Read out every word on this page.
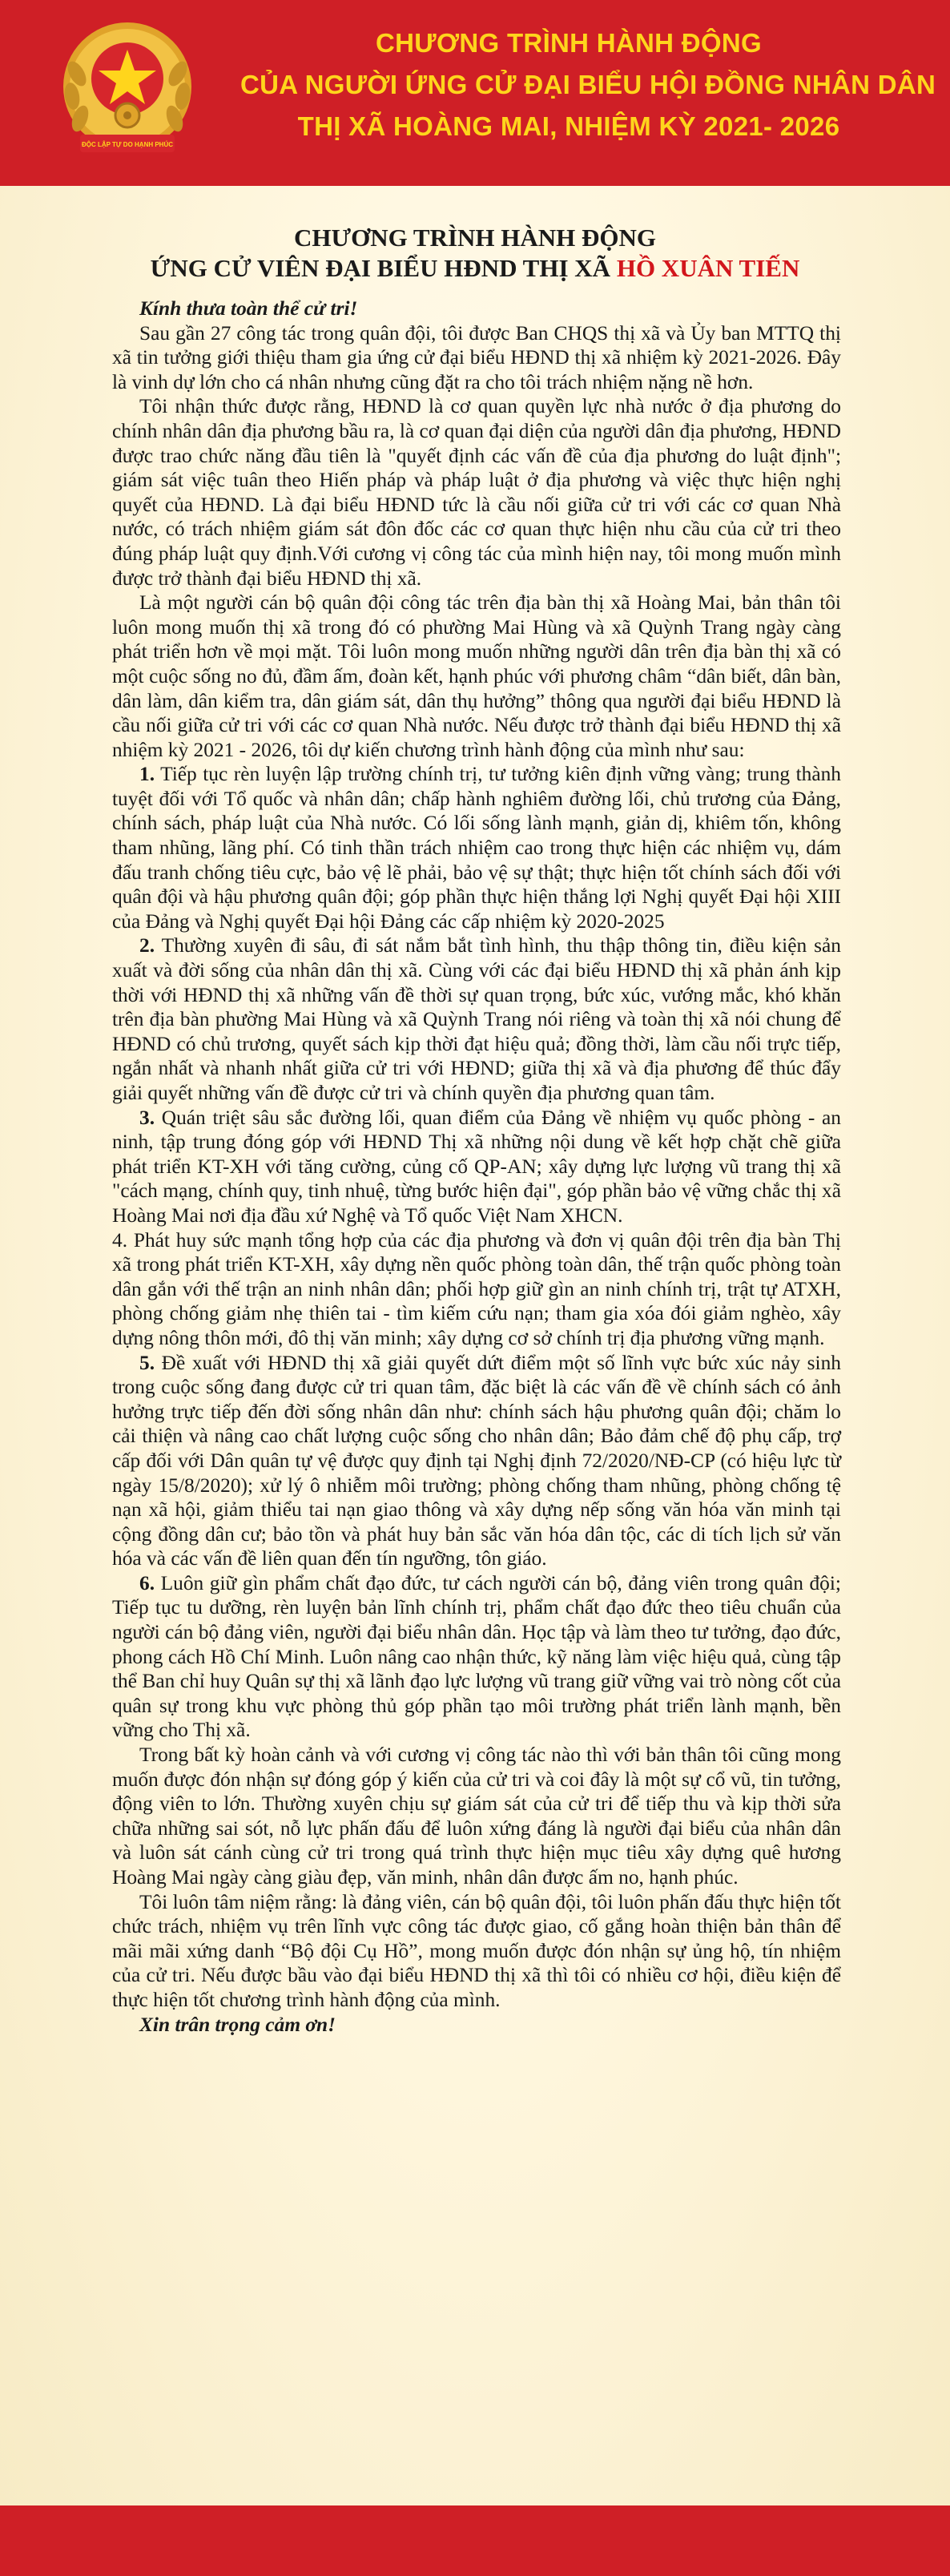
ĐỘC LẬP TỰ DO HẠNH PHÚC
CHƯƠNG TRÌNH HÀNH ĐỘNG
CỦA NGƯỜI ỨNG CỬ ĐẠI BIỂU HỘI ĐỒNG NHÂN DÂN
THỊ XÃ HOÀNG MAI, NHIỆM KỲ 2021- 2026
CHƯƠNG TRÌNH HÀNH ĐỘNG
ỨNG CỬ VIÊN ĐẠI BIỂU HĐND THỊ XÃ HỒ XUÂN TIẾN

Kính thưa toàn thể cử tri!

Sau gần 27 công tác trong quân đội, tôi được Ban CHQS thị xã và Ủy ban MTTQ thị xã tin tưởng giới thiệu tham gia ứng cử đại biểu HĐND thị xã nhiệm kỳ 2021-2026. Đây là vinh dự lớn cho cá nhân nhưng cũng đặt ra cho tôi trách nhiệm nặng nề hơn.

Tôi nhận thức được rằng, HĐND là cơ quan quyền lực nhà nước ở địa phương do chính nhân dân địa phương bầu ra, là cơ quan đại diện của người dân địa phương, HĐND được trao chức năng đầu tiên là "quyết định các vấn đề của địa phương do luật định"; giám sát việc tuân theo Hiến pháp và pháp luật ở địa phương và việc thực hiện nghị quyết của HĐND. Là đại biểu HĐND tức là cầu nối giữa cử tri với các cơ quan Nhà nước, có trách nhiệm giám sát đôn đốc các cơ quan thực hiện nhu cầu của cử tri theo đúng pháp luật quy định.Với cương vị công tác của mình hiện nay, tôi mong muốn mình được trở thành đại biểu HĐND thị xã.

Là một người cán bộ quân đội công tác trên địa bàn thị xã Hoàng Mai, bản thân tôi luôn mong muốn thị xã trong đó có phường Mai Hùng và xã Quỳnh Trang ngày càng phát triển hơn về mọi mặt. Tôi luôn mong muốn những người dân trên địa bàn thị xã có một cuộc sống no đủ, đầm ấm, đoàn kết, hạnh phúc với phương châm “dân biết, dân bàn, dân làm, dân kiểm tra, dân giám sát, dân thụ hưởng” thông qua người đại biểu HĐND là cầu nối giữa cử tri với các cơ quan Nhà nước. Nếu được trở thành đại biểu HĐND thị xã nhiệm kỳ 2021 - 2026, tôi dự kiến chương trình hành động của mình như sau:

1. Tiếp tục rèn luyện lập trường chính trị, tư tưởng kiên định vững vàng; trung thành tuyệt đối với Tổ quốc và nhân dân; chấp hành nghiêm đường lối, chủ trương của Đảng, chính sách, pháp luật của Nhà nước. Có lối sống lành mạnh, giản dị, khiêm tốn, không tham nhũng, lãng phí. Có tinh thần trách nhiệm cao trong thực hiện các nhiệm vụ, dám đấu tranh chống tiêu cực, bảo vệ lẽ phải, bảo vệ sự thật; thực hiện tốt chính sách đối với quân đội và hậu phương quân đội; góp phần thực hiện thắng lợi Nghị quyết Đại hội XIII của Đảng và Nghị quyết Đại hội Đảng các cấp nhiệm kỳ 2020-2025

2. Thường xuyên đi sâu, đi sát nắm bắt tình hình, thu thập thông tin, điều kiện sản xuất và đời sống của nhân dân thị xã. Cùng với các đại biểu HĐND thị xã phản ánh kịp thời với HĐND thị xã những vấn đề thời sự quan trọng, bức xúc, vướng mắc, khó khăn trên địa bàn phường Mai Hùng và xã Quỳnh Trang nói riêng và toàn thị xã nói chung để HĐND có chủ trương, quyết sách kịp thời đạt hiệu quả; đồng thời, làm cầu nối trực tiếp, ngắn nhất và nhanh nhất giữa cử tri với HĐND; giữa thị xã và địa phương để thúc đẩy giải quyết những vấn đề được cử tri và chính quyền địa phương quan tâm.

3. Quán triệt sâu sắc đường lối, quan điểm của Đảng về nhiệm vụ quốc phòng - an ninh, tập trung đóng góp với HĐND Thị xã những nội dung về kết hợp chặt chẽ giữa phát triển KT-XH với tăng cường, củng cố QP-AN; xây dựng lực lượng vũ trang thị xã "cách mạng, chính quy, tinh nhuệ, từng bước hiện đại", góp phần bảo vệ vững chắc thị xã Hoàng Mai nơi địa đầu xứ Nghệ và Tổ quốc Việt Nam XHCN.

4. Phát huy sức mạnh tổng hợp của các địa phương và đơn vị quân đội trên địa bàn Thị xã trong phát triển KT-XH, xây dựng nền quốc phòng toàn dân, thế trận quốc phòng toàn dân gắn với thế trận an ninh nhân dân; phối hợp giữ gìn an ninh chính trị, trật tự ATXH, phòng chống giảm nhẹ thiên tai - tìm kiếm cứu nạn; tham gia xóa đói giảm nghèo, xây dựng nông thôn mới, đô thị văn minh; xây dựng cơ sở chính trị địa phương vững mạnh.

5. Đề xuất với HĐND thị xã giải quyết dứt điểm một số lĩnh vực bức xúc nảy sinh trong cuộc sống đang được cử tri quan tâm, đặc biệt là các vấn đề về chính sách có ảnh hưởng trực tiếp đến đời sống nhân dân như: chính sách hậu phương quân đội; chăm lo cải thiện và nâng cao chất lượng cuộc sống cho nhân dân; Bảo đảm chế độ phụ cấp, trợ cấp đối với Dân quân tự vệ được quy định tại Nghị định 72/2020/NĐ-CP (có hiệu lực từ ngày 15/8/2020); xử lý ô nhiễm môi trường; phòng chống tham nhũng, phòng chống tệ nạn xã hội, giảm thiểu tai nạn giao thông và xây dựng nếp sống văn hóa văn minh tại cộng đồng dân cư; bảo tồn và phát huy bản sắc văn hóa dân tộc, các di tích lịch sử văn hóa và các vấn đề liên quan đến tín ngưỡng, tôn giáo.

6. Luôn giữ gìn phẩm chất đạo đức, tư cách người cán bộ, đảng viên trong quân đội; Tiếp tục tu dưỡng, rèn luyện bản lĩnh chính trị, phẩm chất đạo đức theo tiêu chuẩn của người cán bộ đảng viên, người đại biểu nhân dân. Học tập và làm theo tư tưởng, đạo đức, phong cách Hồ Chí Minh. Luôn nâng cao nhận thức, kỹ năng làm việc hiệu quả, cùng tập thể Ban chỉ huy Quân sự thị xã lãnh đạo lực lượng vũ trang giữ vững vai trò nòng cốt của quân sự trong khu vực phòng thủ góp phần tạo môi trường phát triển lành mạnh, bền vững cho Thị xã.

Trong bất kỳ hoàn cảnh và với cương vị công tác nào thì với bản thân tôi cũng mong muốn được đón nhận sự đóng góp ý kiến của cử tri và coi đây là một sự cổ vũ, tin tưởng, động viên to lớn. Thường xuyên chịu sự giám sát của cử tri để tiếp thu và kịp thời sửa chữa những sai sót, nỗ lực phấn đấu để luôn xứng đáng là người đại biểu của nhân dân và luôn sát cánh cùng cử tri trong quá trình thực hiện mục tiêu xây dựng quê hương Hoàng Mai ngày càng giàu đẹp, văn minh, nhân dân được ấm no, hạnh phúc.

Tôi luôn tâm niệm rằng: là đảng viên, cán bộ quân đội, tôi luôn phấn đấu thực hiện tốt chức trách, nhiệm vụ trên lĩnh vực công tác được giao, cố gắng hoàn thiện bản thân để mãi mãi xứng danh “Bộ đội Cụ Hồ”, mong muốn được đón nhận sự ủng hộ, tín nhiệm của cử tri. Nếu được bầu vào đại biểu HĐND thị xã thì tôi có nhiều cơ hội, điều kiện để thực hiện tốt chương trình hành động của mình.

Xin trân trọng cảm ơn!
